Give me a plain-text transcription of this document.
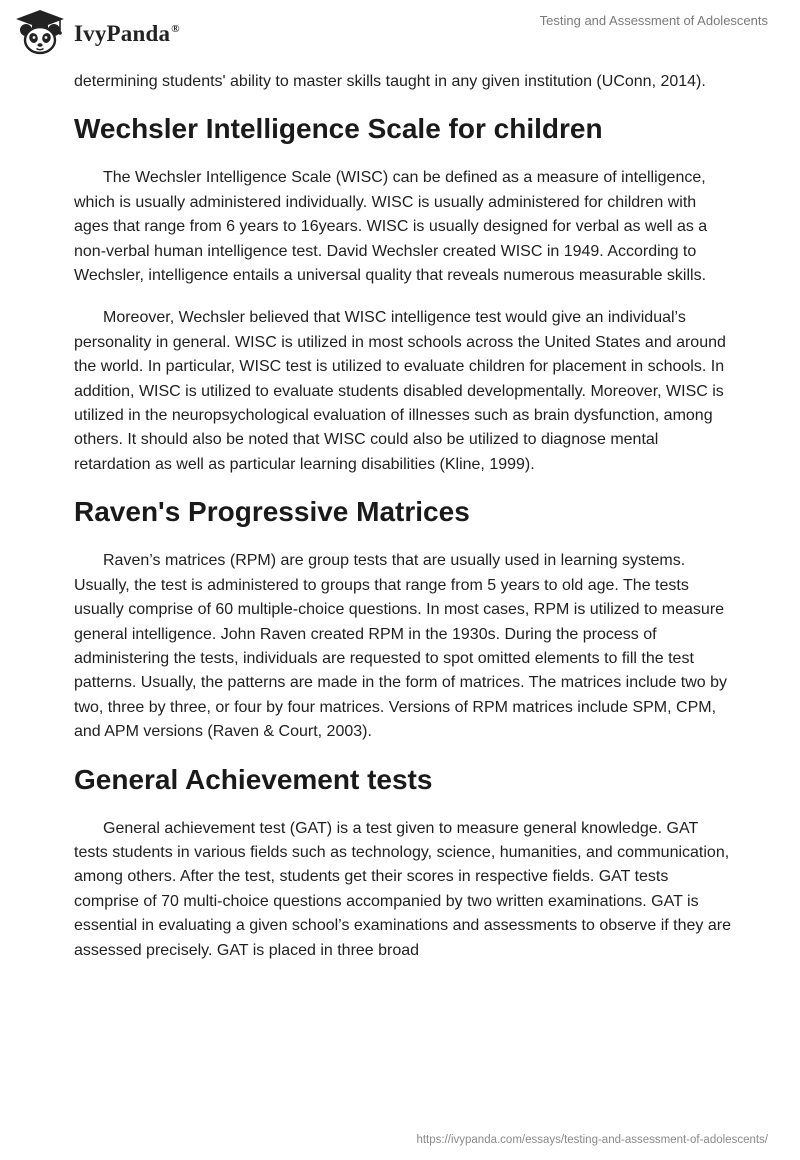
IvyPanda®
Testing and Assessment of Adolescents

determining students' ability to master skills taught in any given institution (UConn, 2014).

Wechsler Intelligence Scale for children

The Wechsler Intelligence Scale (WISC) can be defined as a measure of intelligence, which is usually administered individually. WISC is usually administered for children with ages that range from 6 years to 16years. WISC is usually designed for verbal as well as a non-verbal human intelligence test. David Wechsler created WISC in 1949. According to Wechsler, intelligence entails a universal quality that reveals numerous measurable skills.

Moreover, Wechsler believed that WISC intelligence test would give an individual’s personality in general. WISC is utilized in most schools across the United States and around the world. In particular, WISC test is utilized to evaluate children for placement in schools. In addition, WISC is utilized to evaluate students disabled developmentally. Moreover, WISC is utilized in the neuropsychological evaluation of illnesses such as brain dysfunction, among others. It should also be noted that WISC could also be utilized to diagnose mental retardation as well as particular learning disabilities (Kline, 1999).

Raven's Progressive Matrices

Raven’s matrices (RPM) are group tests that are usually used in learning systems. Usually, the test is administered to groups that range from 5 years to old age. The tests usually comprise of 60 multiple-choice questions. In most cases, RPM is utilized to measure general intelligence. John Raven created RPM in the 1930s. During the process of administering the tests, individuals are requested to spot omitted elements to fill the test patterns. Usually, the patterns are made in the form of matrices. The matrices include two by two, three by three, or four by four matrices. Versions of RPM matrices include SPM, CPM, and APM versions (Raven & Court, 2003).

General Achievement tests

General achievement test (GAT) is a test given to measure general knowledge. GAT tests students in various fields such as technology, science, humanities, and communication, among others. After the test, students get their scores in respective fields. GAT tests comprise of 70 multi-choice questions accompanied by two written examinations. GAT is essential in evaluating a given school’s examinations and assessments to observe if they are assessed precisely. GAT is placed in three broad

https://ivypanda.com/essays/testing-and-assessment-of-adolescents/
